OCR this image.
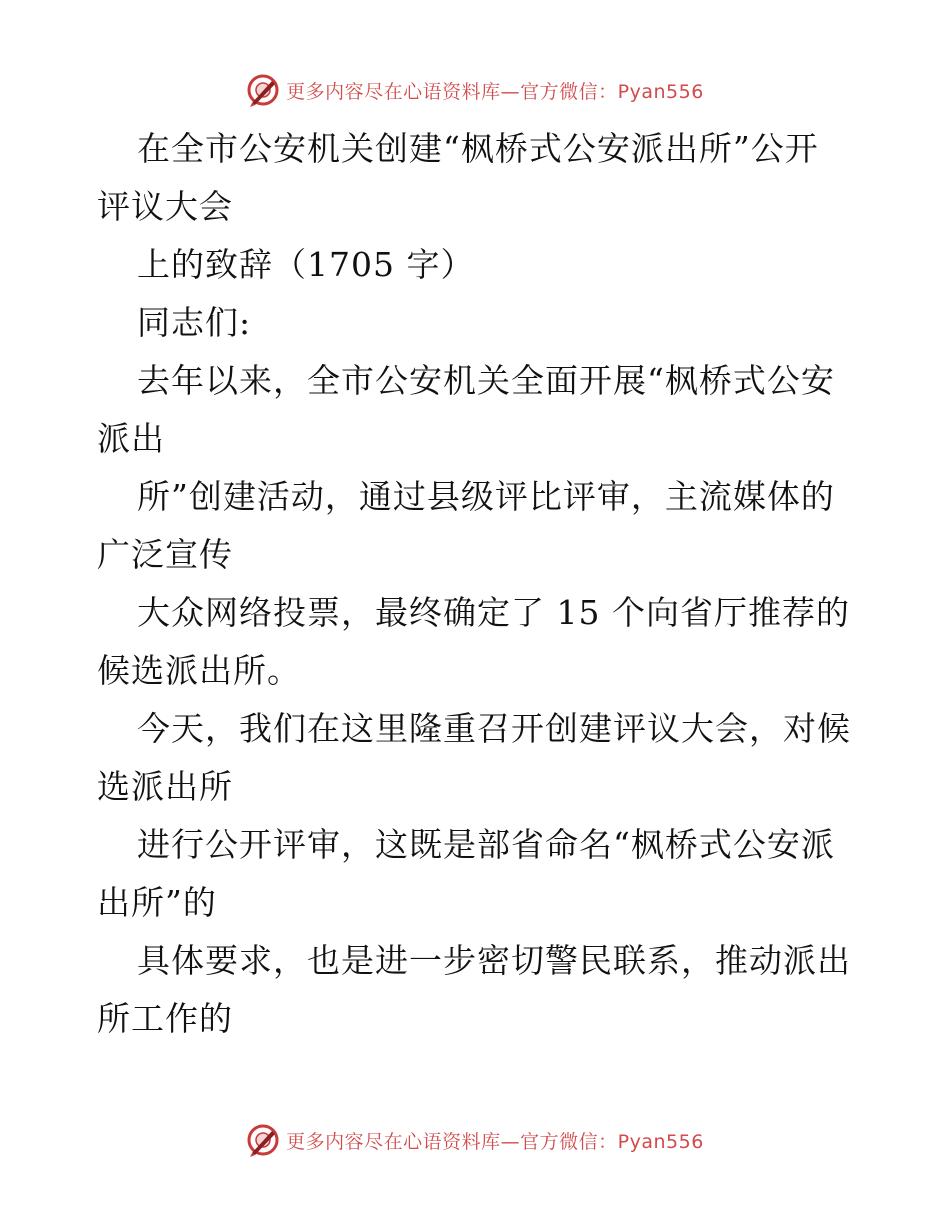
更多内容尽在心语资料库—官方微信：Pyan556
在全市公安机关创建“枫桥式公安派出所”公开
评议大会
上的致辞（1705 字）
同志们:
去年以来，全市公安机关全面开展“枫桥式公安
派出
所”创建活动，通过县级评比评审，主流媒体的
广泛宣传
大众网络投票，最终确定了 15 个向省厅推荐的
候选派出所。
今天，我们在这里隆重召开创建评议大会，对候
选派出所
进行公开评审，这既是部省命名“枫桥式公安派
出所”的
具体要求，也是进一步密切警民联系，推动派出
所工作的
更多内容尽在心语资料库—官方微信：Pyan556
